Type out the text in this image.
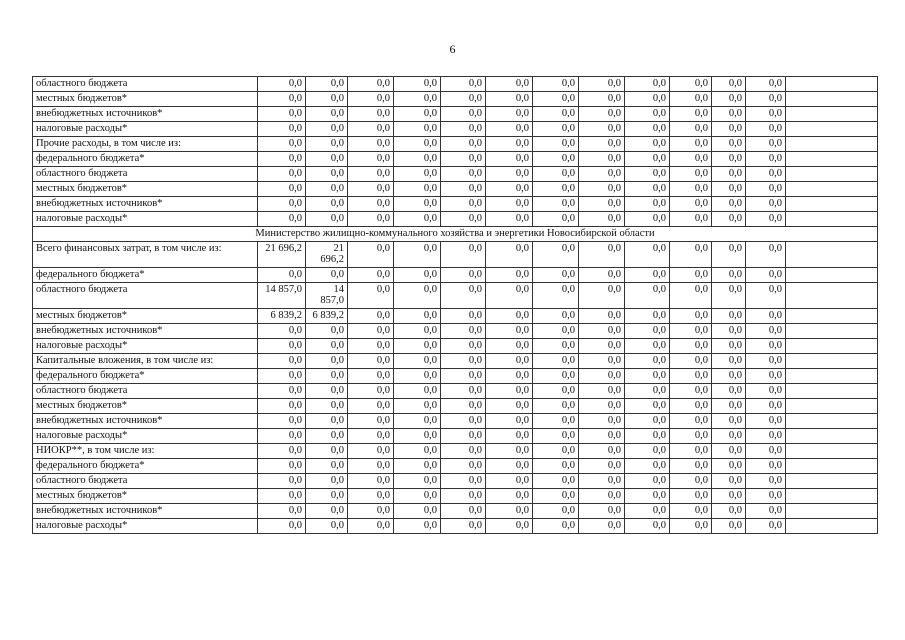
6
областного бюджета	0,0	0,0	0,0	0,0	0,0	0,0	0,0	0,0	0,0	0,0	0,0	0,0	
местных бюджетов*	0,0	0,0	0,0	0,0	0,0	0,0	0,0	0,0	0,0	0,0	0,0	0,0	
внебюджетных источников*	0,0	0,0	0,0	0,0	0,0	0,0	0,0	0,0	0,0	0,0	0,0	0,0	
налоговые расходы*	0,0	0,0	0,0	0,0	0,0	0,0	0,0	0,0	0,0	0,0	0,0	0,0	
Прочие расходы, в том числе из:	0,0	0,0	0,0	0,0	0,0	0,0	0,0	0,0	0,0	0,0	0,0	0,0	
федерального бюджета*	0,0	0,0	0,0	0,0	0,0	0,0	0,0	0,0	0,0	0,0	0,0	0,0	
областного бюджета	0,0	0,0	0,0	0,0	0,0	0,0	0,0	0,0	0,0	0,0	0,0	0,0	
местных бюджетов*	0,0	0,0	0,0	0,0	0,0	0,0	0,0	0,0	0,0	0,0	0,0	0,0	
внебюджетных источников*	0,0	0,0	0,0	0,0	0,0	0,0	0,0	0,0	0,0	0,0	0,0	0,0	
налоговые расходы*	0,0	0,0	0,0	0,0	0,0	0,0	0,0	0,0	0,0	0,0	0,0	0,0	
Министерство жилищно-коммунального хозяйства и энергетики Новосибирской области													
Всего финансовых затрат, в том числе из:	21 696,2	21 696,2	0,0	0,0	0,0	0,0	0,0	0,0	0,0	0,0	0,0	0,0	
федерального бюджета*	0,0	0,0	0,0	0,0	0,0	0,0	0,0	0,0	0,0	0,0	0,0	0,0	
областного бюджета	14 857,0	14 857,0	0,0	0,0	0,0	0,0	0,0	0,0	0,0	0,0	0,0	0,0	
местных бюджетов*	6 839,2	6 839,2	0,0	0,0	0,0	0,0	0,0	0,0	0,0	0,0	0,0	0,0	
внебюджетных источников*	0,0	0,0	0,0	0,0	0,0	0,0	0,0	0,0	0,0	0,0	0,0	0,0	
налоговые расходы*	0,0	0,0	0,0	0,0	0,0	0,0	0,0	0,0	0,0	0,0	0,0	0,0	
Капитальные вложения, в том числе из:	0,0	0,0	0,0	0,0	0,0	0,0	0,0	0,0	0,0	0,0	0,0	0,0	
федерального бюджета*	0,0	0,0	0,0	0,0	0,0	0,0	0,0	0,0	0,0	0,0	0,0	0,0	
областного бюджета	0,0	0,0	0,0	0,0	0,0	0,0	0,0	0,0	0,0	0,0	0,0	0,0	
местных бюджетов*	0,0	0,0	0,0	0,0	0,0	0,0	0,0	0,0	0,0	0,0	0,0	0,0	
внебюджетных источников*	0,0	0,0	0,0	0,0	0,0	0,0	0,0	0,0	0,0	0,0	0,0	0,0	
налоговые расходы*	0,0	0,0	0,0	0,0	0,0	0,0	0,0	0,0	0,0	0,0	0,0	0,0	
НИОКР**, в том числе из:	0,0	0,0	0,0	0,0	0,0	0,0	0,0	0,0	0,0	0,0	0,0	0,0	
федерального бюджета*	0,0	0,0	0,0	0,0	0,0	0,0	0,0	0,0	0,0	0,0	0,0	0,0	
областного бюджета	0,0	0,0	0,0	0,0	0,0	0,0	0,0	0,0	0,0	0,0	0,0	0,0	
местных бюджетов*	0,0	0,0	0,0	0,0	0,0	0,0	0,0	0,0	0,0	0,0	0,0	0,0	
внебюджетных источников*	0,0	0,0	0,0	0,0	0,0	0,0	0,0	0,0	0,0	0,0	0,0	0,0	
налоговые расходы*	0,0	0,0	0,0	0,0	0,0	0,0	0,0	0,0	0,0	0,0	0,0	0,0	
